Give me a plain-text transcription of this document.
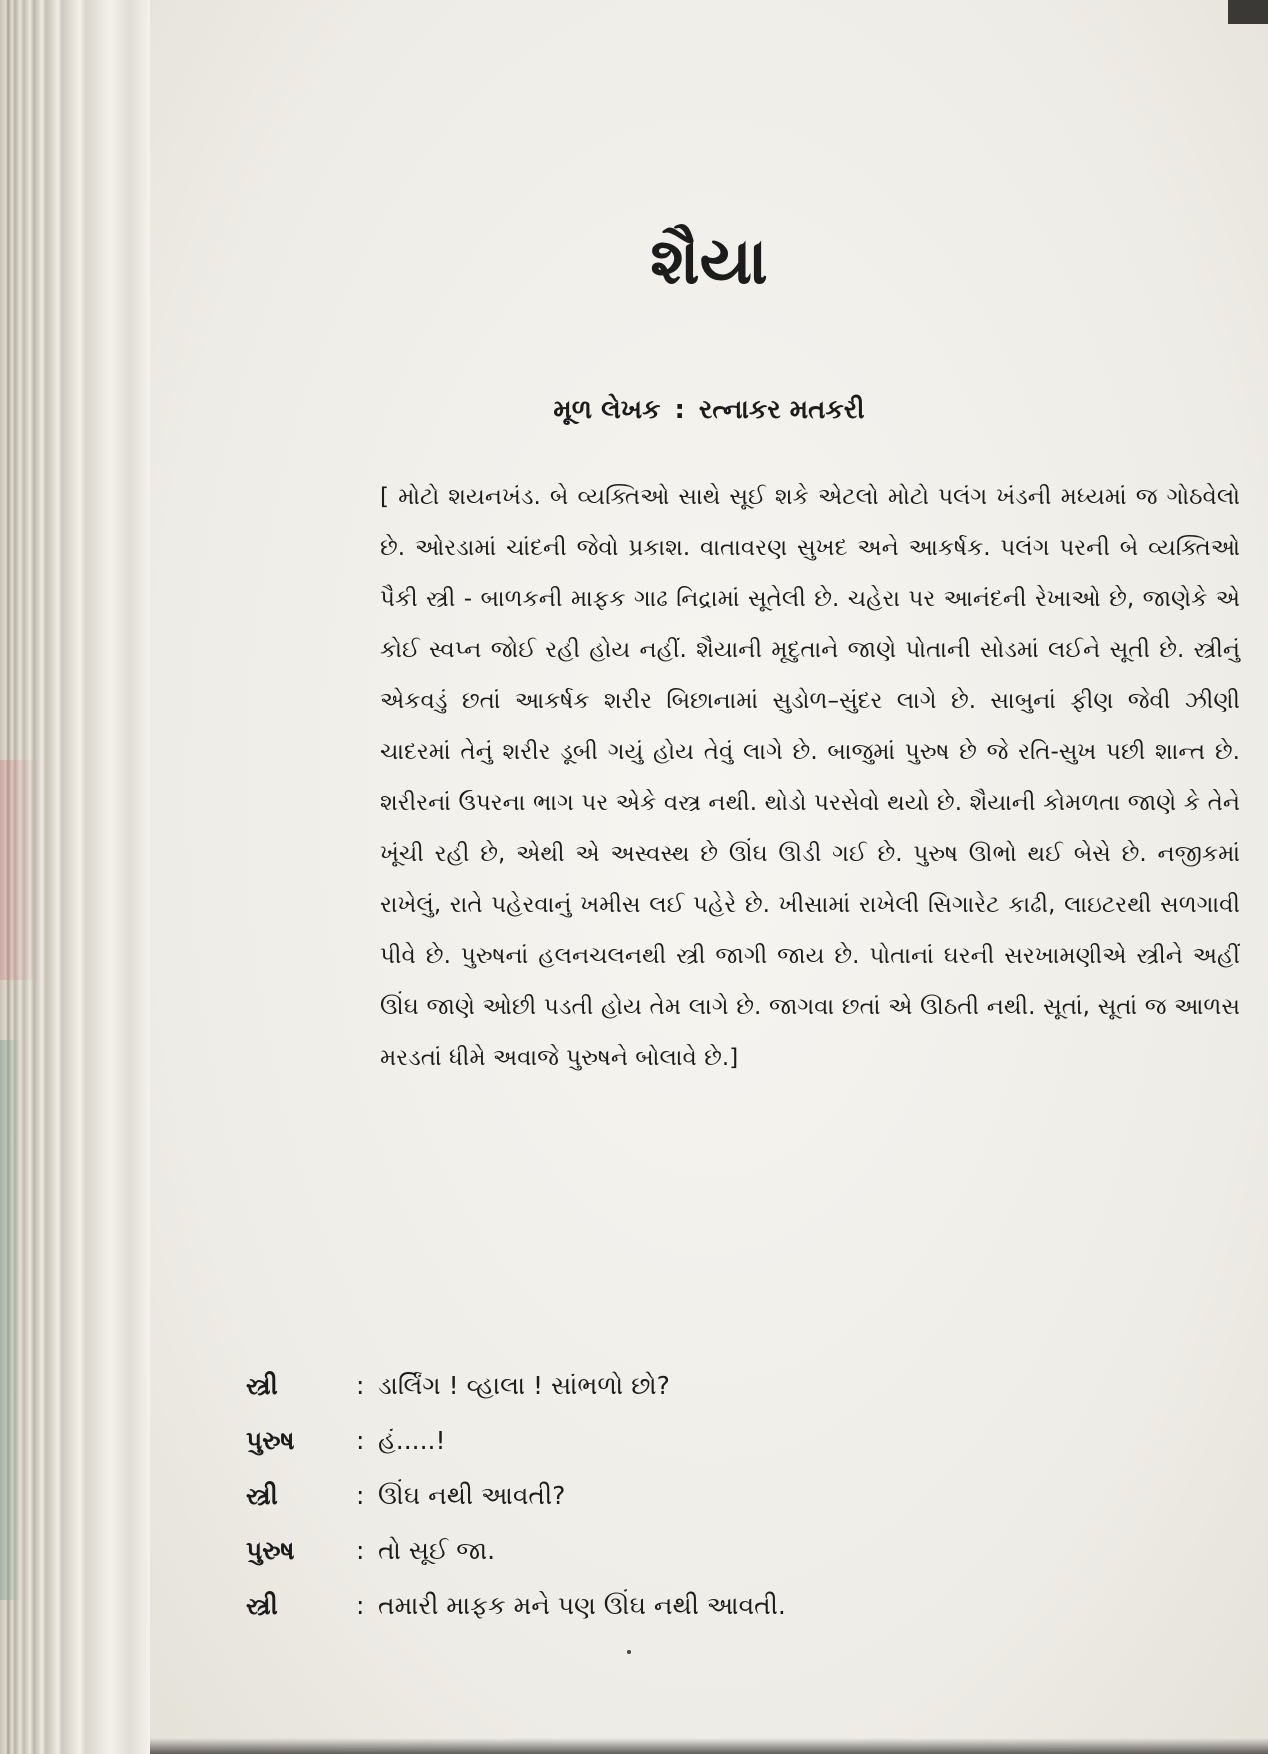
શૈયા
મૂળ લેખક : રત્નાકર મતકરી

[ મોટો શયનખંડ. બે વ્યક્તિઓ સાથે સૂઈ શકે એટલો મોટો પલંગ ખંડની મધ્યમાં જ ગોઠવેલો છે. ઓરડામાં ચાંદની જેવો પ્રકાશ. વાતાવરણ સુખદ અને આકર્ષક. પલંગ પરની બે વ્યક્તિઓ પૈકી સ્ત્રી - બાળકની માફક ગાઢ નિદ્રામાં સૂતેલી છે. ચહેરા પર આનંદની રેખાઓ છે, જાણેકે એ કોઈ સ્વપ્ન જોઈ રહી હોય નહીં. શૈયાની મૃદુતાને જાણે પોતાની સોડમાં લઈને સૂતી છે. સ્ત્રીનું એકવડું છતાં આકર્ષક શરીર બિછાનામાં સુડોળ–સુંદર લાગે છે. સાબુનાં ફીણ જેવી ઝીણી ચાદરમાં તેનું શરીર ડૂબી ગયું હોય તેવું લાગે છે. બાજુમાં પુરુષ છે જે રતિ-સુખ પછી શાન્ત છે. શરીરનાં ઉપરના ભાગ પર એકે વસ્ત્ર નથી. થોડો પરસેવો થયો છે. શૈયાની કોમળતા જાણે કે તેને ખૂંચી રહી છે, એથી એ અસ્વસ્થ છે ઊંઘ ઊડી ગઈ છે. પુરુષ ઊભો થઈ બેસે છે. નજીકમાં રાખેલું, રાતે પહેરવાનું ખમીસ લઈ પહેરે છે. ખીસામાં રાખેલી સિગારેટ કાઢી, લાઇટરથી સળગાવી પીવે છે. પુરુષનાં હલનચલનથી સ્ત્રી જાગી જાય છે. પોતાનાં ઘરની સરખામણીએ સ્ત્રીને અહીં ઊંઘ જાણે ઓછી પડતી હોય તેમ લાગે છે. જાગવા છતાં એ ઊઠતી નથી. સૂતાં, સૂતાં જ આળસ મરડતાં ધીમે અવાજે પુરુષને બોલાવે છે.]

સ્ત્રી	: ડાર્લિંગ ! વ્હાલા ! સાંભળો છો?
પુરુષ	: હં.....!
સ્ત્રી	: ઊંઘ નથી આવતી?
પુરુષ	: તો સૂઈ જા.
સ્ત્રી	: તમારી માફક મને પણ ઊંઘ નથી આવતી.
